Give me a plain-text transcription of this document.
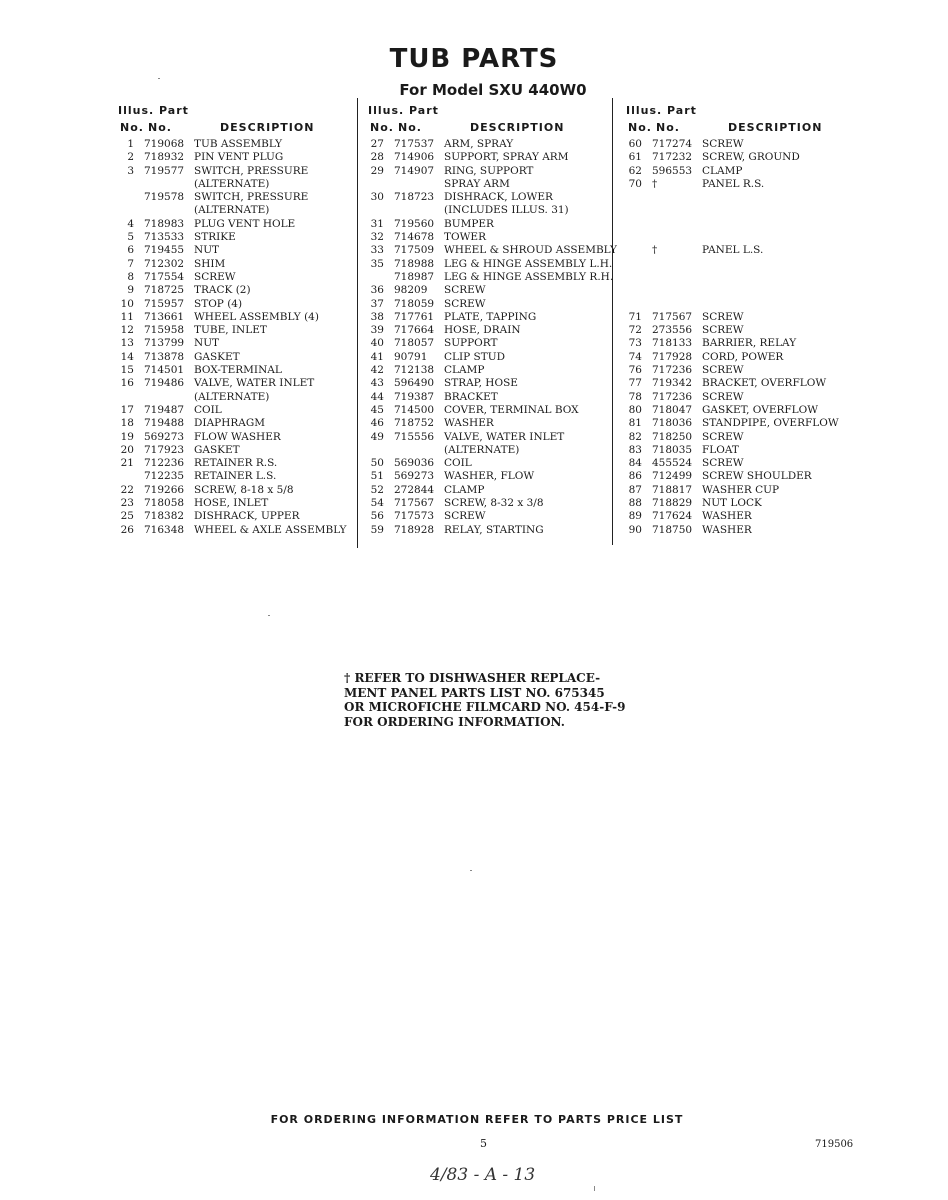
TUB PARTS
For Model SXU 440W0
Illus. Part
No. No.	DESCRIPTION
1 719068 TUB ASSEMBLY
2 718932 PIN VENT PLUG
3 719577 SWITCH, PRESSURE
(ALTERNATE)
719578 SWITCH, PRESSURE
(ALTERNATE)
4 718983 PLUG VENT HOLE
5 713533 STRIKE
6 719455 NUT
7 712302 SHIM
8 717554 SCREW
9 718725 TRACK (2)
10 715957 STOP (4)
11 713661 WHEEL ASSEMBLY (4)
12 715958 TUBE, INLET
13 713799 NUT
14 713878 GASKET
15 714501 BOX-TERMINAL
16 719486 VALVE, WATER INLET
(ALTERNATE)
17 719487 COIL
18 719488 DIAPHRAGM
19 569273 FLOW WASHER
20 717923 GASKET
21 712236 RETAINER R.S.
712235 RETAINER L.S.
22 719266 SCREW, 8-18 x 5/8
23 718058 HOSE, INLET
25 718382 DISHRACK, UPPER
26 716348 WHEEL & AXLE ASSEMBLY
Illus. Part
No. No.	DESCRIPTION
27 717537 ARM, SPRAY
28 714906 SUPPORT, SPRAY ARM
29 714907 RING, SUPPORT
SPRAY ARM
30 718723 DISHRACK, LOWER
(INCLUDES ILLUS. 31)
31 719560 BUMPER
32 714678 TOWER
33 717509 WHEEL & SHROUD ASSEMBLY
35 718988 LEG & HINGE ASSEMBLY L.H.
718987 LEG & HINGE ASSEMBLY R.H.
36 98209 SCREW
37 718059 SCREW
38 717761 PLATE, TAPPING
39 717664 HOSE, DRAIN
40 718057 SUPPORT
41 90791 CLIP STUD
42 712138 CLAMP
43 596490 STRAP, HOSE
44 719387 BRACKET
45 714500 COVER, TERMINAL BOX
46 718752 WASHER
49 715556 VALVE, WATER INLET
(ALTERNATE)
50 569036 COIL
51 569273 WASHER, FLOW
52 272844 CLAMP
54 717567 SCREW, 8-32 x 3/8
56 717573 SCREW
59 718928 RELAY, STARTING
Illus. Part
No. No.	DESCRIPTION
60 717274 SCREW
61 717232 SCREW, GROUND
62 596553 CLAMP
70 †	PANEL R.S.
†	PANEL L.S.
71 717567 SCREW
72 273556 SCREW
73 718133 BARRIER, RELAY
74 717928 CORD, POWER
76 717236 SCREW
77 719342 BRACKET, OVERFLOW
78 717236 SCREW
80 718047 GASKET, OVERFLOW
81 718036 STANDPIPE, OVERFLOW
82 718250 SCREW
83 718035 FLOAT
84 455524 SCREW
86 712499 SCREW SHOULDER
87 718817 WASHER CUP
88 718829 NUT LOCK
89 717624 WASHER
90 718750 WASHER
† REFER TO DISHWASHER REPLACE-
MENT PANEL PARTS LIST NO. 675345
OR MICROFICHE FILMCARD NO. 454-F-9
FOR ORDERING INFORMATION.
FOR ORDERING INFORMATION REFER TO PARTS PRICE LIST
5	719506
4/83 - A - 13
